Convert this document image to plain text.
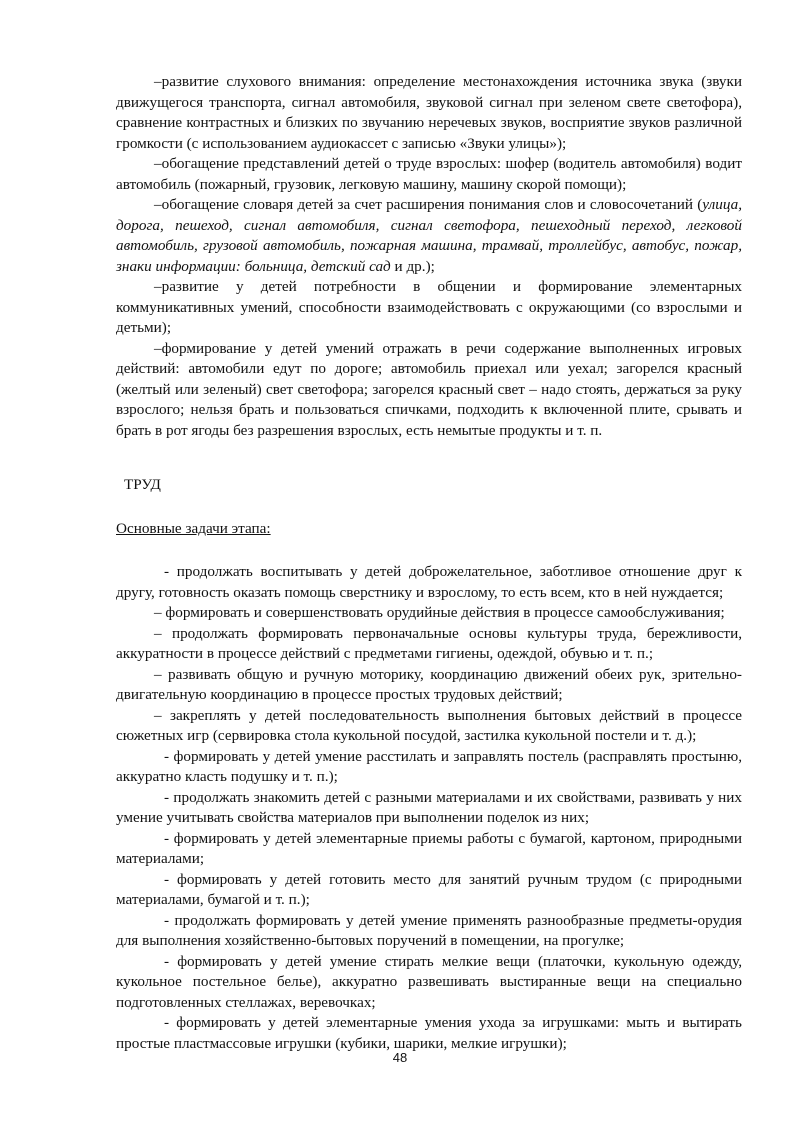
–развитие слухового внимания: определение местонахождения источника звука (звуки движущегося транспорта, сигнал автомобиля, звуковой сигнал при зеленом свете светофора), сравнение контрастных и близких по звучанию неречевых звуков, восприятие звуков различной громкости (с использованием аудиокассет с записью «Звуки улицы»);

–обогащение представлений детей о труде взрослых: шофер (водитель автомобиля) водит автомобиль (пожарный, грузовик, легковую машину, машину скорой помощи);

–обогащение словаря детей за счет расширения понимания слов и словосочетаний (улица, дорога, пешеход, сигнал автомобиля, сигнал светофора, пешеходный переход, легковой автомобиль, грузовой автомобиль, пожарная машина, трамвай, троллейбус, автобус, пожар, знаки информации: больница, детский сад и др.);

–развитие у детей потребности в общении и формирование элементарных коммуникативных умений, способности взаимодействовать с окружающими (со взрослыми и детьми);

–формирование у детей умений отражать в речи содержание выполненных игровых действий: автомобили едут по дороге; автомобиль приехал или уехал; загорелся красный (желтый или зеленый) свет светофора; загорелся красный свет – надо стоять, держаться за руку взрослого; нельзя брать и пользоваться спичками, подходить к включенной плите, срывать и брать в рот ягоды без разрешения взрослых, есть немытые продукты и т. п.

ТРУД
Основные задачи этапа:

- продолжать воспитывать у детей доброжелательное, заботливое отношение друг к другу, готовность оказать помощь сверстнику и взрослому, то есть всем, кто в ней нуждается;

– формировать и совершенствовать орудийные действия в процессе самообслуживания;

– продолжать формировать первоначальные основы культуры труда, бережливости, аккуратности в процессе действий с предметами гигиены, одеждой, обувью и т. п.;

– развивать общую и ручную моторику, координацию движений обеих рук, зрительно-двигательную координацию в процессе простых трудовых действий;

– закреплять у детей последовательность выполнения бытовых действий в процессе сюжетных игр (сервировка стола кукольной посудой, застилка кукольной постели и т. д.);

- формировать у детей умение расстилать и заправлять постель (расправлять простыню, аккуратно класть подушку и т. п.);

- продолжать знакомить детей с разными материалами и их свойствами, развивать у них умение учитывать свойства материалов при выполнении поделок из них;

- формировать у детей элементарные приемы работы с бумагой, картоном, природными материалами;

- формировать у детей готовить место для занятий ручным трудом (с природными материалами, бумагой и т. п.);

- продолжать формировать у детей умение применять разнообразные предметы-орудия для выполнения хозяйственно-бытовых поручений в помещении, на прогулке;

- формировать у детей умение стирать мелкие вещи (платочки, кукольную одежду, кукольное постельное белье), аккуратно развешивать выстиранные вещи на специально подготовленных стеллажах, веревочках;

- формировать у детей элементарные умения ухода за игрушками: мыть и вытирать простые пластмассовые игрушки (кубики, шарики, мелкие игрушки);

48
